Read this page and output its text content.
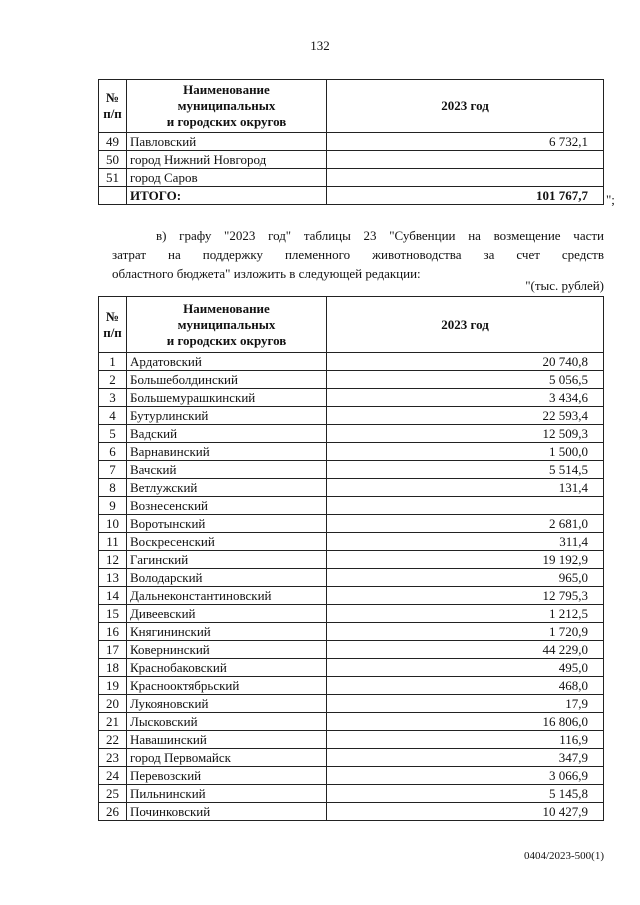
132
№
п/п	Наименование
муниципальных
и городских округов	2023 год
49	Павловский	6 732,1
50	город Нижний Новгород	
51	город Саров	
	ИТОГО:	101 767,7 ";
в) графу "2023 год" таблицы 23 "Субвенции на возмещение части
затрат на поддержку племенного животноводства за счет средств
областного бюджета" изложить в следующей редакции:
"(тыс. рублей)
№
п/п	Наименование
муниципальных
и городских округов	2023 год
1	Ардатовский	20 740,8
2	Большеболдинский	5 056,5
3	Большемурашкинский	3 434,6
4	Бутурлинский	22 593,4
5	Вадский	12 509,3
6	Варнавинский	1 500,0
7	Вачский	5 514,5
8	Ветлужский	131,4
9	Вознесенский	
10	Воротынский	2 681,0
11	Воскресенский	311,4
12	Гагинский	19 192,9
13	Володарский	965,0
14	Дальнеконстантиновский	12 795,3
15	Дивеевский	1 212,5
16	Княгининский	1 720,9
17	Ковернинский	44 229,0
18	Краснобаковский	495,0
19	Краснооктябрьский	468,0
20	Лукояновский	17,9
21	Лысковский	16 806,0
22	Навашинский	116,9
23	город Первомайск	347,9
24	Перевозский	3 066,9
25	Пильнинский	5 145,8
26	Починковский	10 427,9
0404/2023-500(1)
